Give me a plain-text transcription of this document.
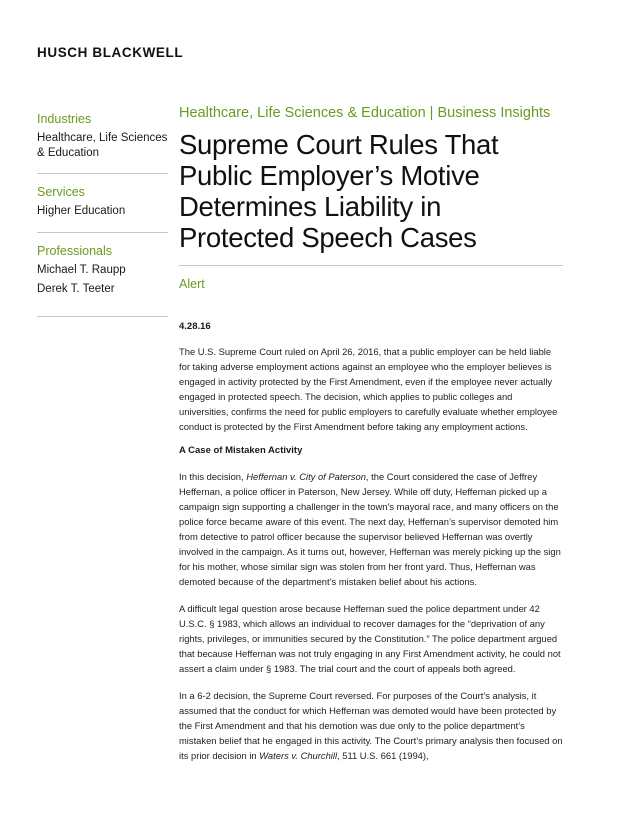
HUSCH BLACKWELL

Industries

Healthcare, Life Sciences & Education

Services

Higher Education

Professionals

Michael T. Raupp

Derek T. Teeter

Healthcare, Life Sciences & Education | Business Insights

Supreme Court Rules That Public Employer’s Motive Determines Liability in Protected Speech Cases

Alert

4.28.16

The U.S. Supreme Court ruled on April 26, 2016, that a public employer can be held liable for taking adverse employment actions against an employee who the employer believes is engaged in activity protected by the First Amendment, even if the employee never actually engaged in protected speech. The decision, which applies to public colleges and universities, confirms the need for public employers to carefully evaluate whether employee conduct is protected by the First Amendment before taking any employment actions.

A Case of Mistaken Activity

In this decision, Heffernan v. City of Paterson, the Court considered the case of Jeffrey Heffernan, a police officer in Paterson, New Jersey. While off duty, Heffernan picked up a campaign sign supporting a challenger in the town’s mayoral race, and many officers on the police force became aware of this event. The next day, Heffernan’s supervisor demoted him from detective to patrol officer because the supervisor believed Heffernan was overtly involved in the campaign. As it turns out, however, Heffernan was merely picking up the sign for his mother, whose similar sign was stolen from her front yard. Thus, Heffernan was demoted because of the department’s mistaken belief about his actions.

A difficult legal question arose because Heffernan sued the police department under 42 U.S.C. § 1983, which allows an individual to recover damages for the “deprivation of any rights, privileges, or immunities secured by the Constitution.” The police department argued that because Heffernan was not truly engaging in any First Amendment activity, he could not assert a claim under § 1983. The trial court and the court of appeals both agreed.

In a 6-2 decision, the Supreme Court reversed. For purposes of the Court’s analysis, it assumed that the conduct for which Heffernan was demoted would have been protected by the First Amendment and that his demotion was due only to the police department’s mistaken belief that he engaged in this activity. The Court’s primary analysis then focused on its prior decision in Waters v. Churchill, 511 U.S. 661 (1994),
